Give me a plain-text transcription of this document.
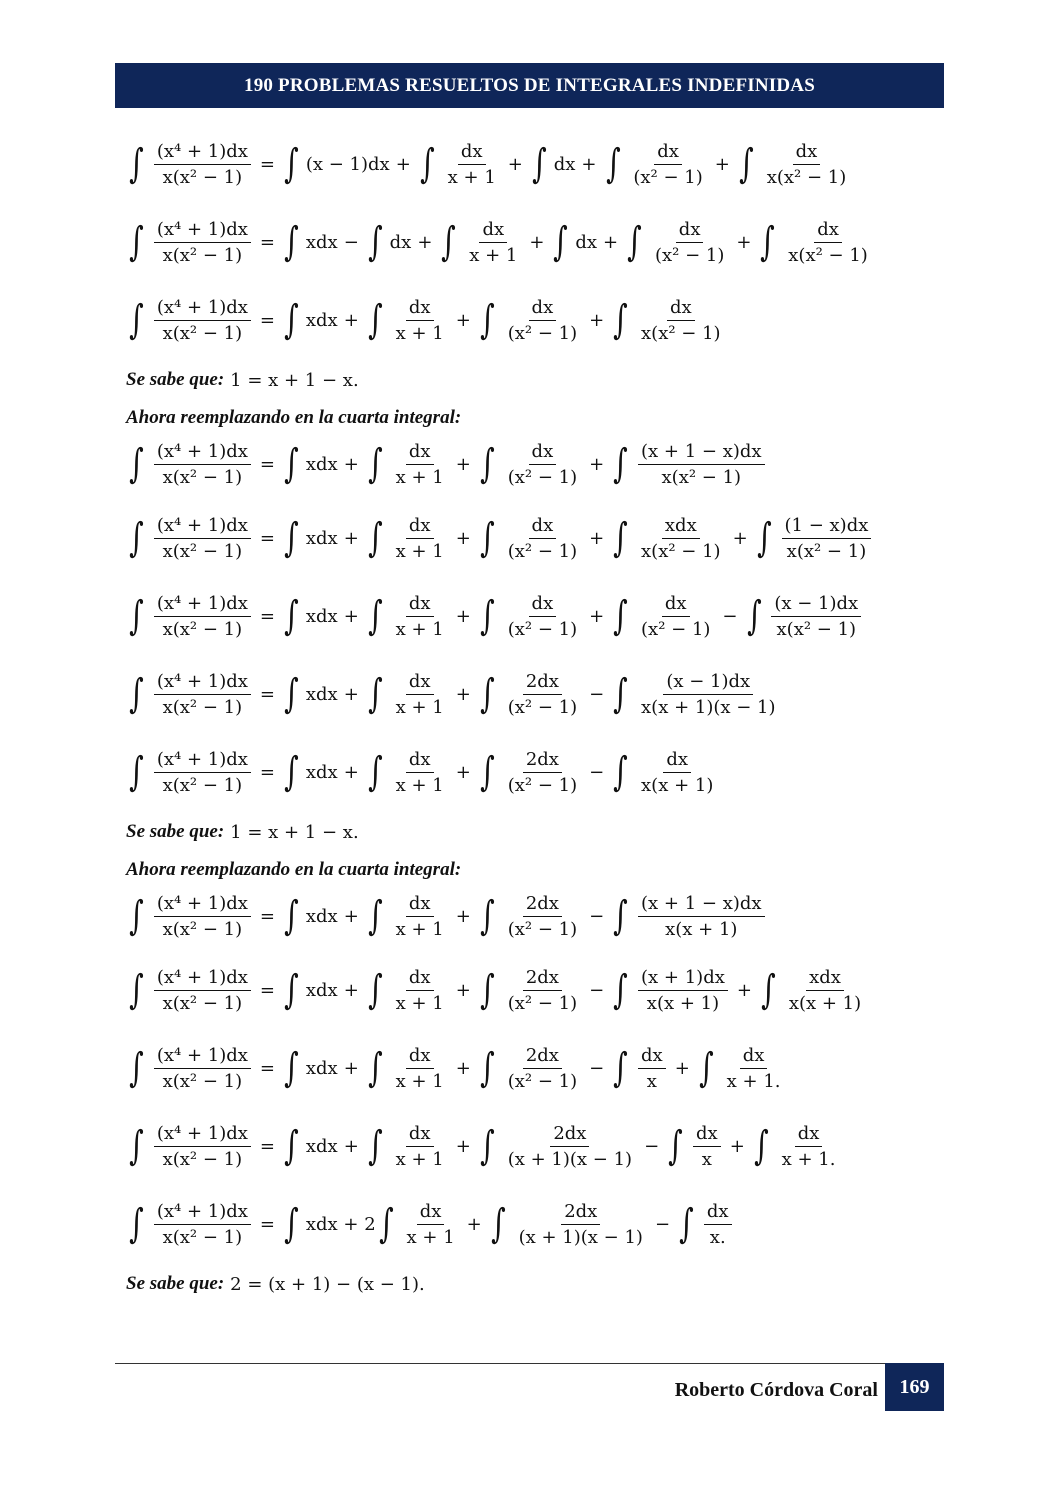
190 PROBLEMAS RESUELTOS DE INTEGRALES INDEFINIDAS
∫ $\frac{\text{(x⁴ + 1)dx}}{\text{x(x² − 1)}}$ = ∫ (x − 1)dx + ∫ $\frac{dx}{x + 1}$ + ∫ dx + ∫ $\frac{dx}{\text{(x² − 1)}}$ + ∫ $\frac{dx}{\text{x(x² − 1)}}$
∫ $\frac{\text{(x⁴ + 1)dx}}{\text{x(x² − 1)}}$ = ∫ xdx − ∫ dx + ∫ $\frac{dx}{x + 1}$ + ∫ dx + ∫ $\frac{dx}{\text{(x² − 1)}}$ + ∫ $\frac{dx}{\text{x(x² − 1)}}$
∫ $\frac{\text{(x⁴ + 1)dx}}{\text{x(x² − 1)}}$ = ∫ xdx + ∫ $\frac{dx}{x + 1}$ + ∫ $\frac{dx}{\text{(x² − 1)}}$ + ∫ $\frac{dx}{\text{x(x² − 1)}}$
Se sabe que: 1 = x + 1 − x.
Ahora reemplazando en la cuarta integral:
∫ $\frac{\text{(x⁴ + 1)dx}}{\text{x(x² − 1)}}$ = ∫ xdx + ∫ $\frac{dx}{x + 1}$ + ∫ $\frac{dx}{\text{(x² − 1)}}$ + ∫ $\frac{(x + 1 - x)dx}{\text{x(x² − 1)}}$
∫ $\frac{\text{(x⁴ + 1)dx}}{\text{x(x² − 1)}}$ = ∫ xdx + ∫ $\frac{dx}{x + 1}$ + ∫ $\frac{dx}{\text{(x² − 1)}}$ + ∫ $\frac{\text{xdx}}{\text{x(x² − 1)}}$ + ∫ $\frac{(1 - x)dx}{\text{x(x² − 1)}}$
∫ $\frac{\text{(x⁴ + 1)dx}}{\text{x(x² − 1)}}$ = ∫ xdx + ∫ $\frac{dx}{x + 1}$ + ∫ $\frac{dx}{\text{(x² − 1)}}$ + ∫ $\frac{dx}{\text{(x² − 1)}}$ − ∫ $\frac{(x - 1)dx}{\text{x(x² − 1)}}$
∫ $\frac{\text{(x⁴ + 1)dx}}{\text{x(x² − 1)}}$ = ∫ xdx + ∫ $\frac{dx}{x + 1}$ + ∫ $\frac{2dx}{\text{(x² − 1)}}$ − ∫ $\frac{(x - 1)dx}{x(x + 1)(x - 1)}$
∫ $\frac{\text{(x⁴ + 1)dx}}{\text{x(x² − 1)}}$ = ∫ xdx + ∫ $\frac{dx}{x + 1}$ + ∫ $\frac{2dx}{\text{(x² − 1)}}$ − ∫ $\frac{dx}{x(x + 1)}$
Se sabe que: 1 = x + 1 − x.
Ahora reemplazando en la cuarta integral:
∫ $\frac{\text{(x⁴ + 1)dx}}{\text{x(x² − 1)}}$ = ∫ xdx + ∫ $\frac{dx}{x + 1}$ + ∫ $\frac{2dx}{\text{(x² − 1)}}$ − ∫ $\frac{(x + 1 - x)dx}{x(x + 1)}$
∫ $\frac{\text{(x⁴ + 1)dx}}{\text{x(x² − 1)}}$ = ∫ xdx + ∫ $\frac{dx}{x + 1}$ + ∫ $\frac{2dx}{\text{(x² − 1)}}$ − ∫ $\frac{(x + 1)dx}{x(x + 1)}$ + ∫ $\frac{\text{xdx}}{x(x + 1)}$
∫ $\frac{\text{(x⁴ + 1)dx}}{\text{x(x² − 1)}}$ = ∫ xdx + ∫ $\frac{dx}{x + 1}$ + ∫ $\frac{2dx}{\text{(x² − 1)}}$ − ∫ $\frac{dx}{x}$ + ∫ $\frac{dx}{x + 1.}$
∫ $\frac{\text{(x⁴ + 1)dx}}{\text{x(x² − 1)}}$ = ∫ xdx + ∫ $\frac{dx}{x + 1}$ + ∫ $\frac{2dx}{(x + 1)(x - 1)}$ − ∫ $\frac{dx}{x}$ + ∫ $\frac{dx}{x + 1.}$
∫ $\frac{\text{(x⁴ + 1)dx}}{\text{x(x² − 1)}}$ = ∫ xdx + 2 ∫ $\frac{dx}{x + 1}$ + ∫ $\frac{2dx}{(x + 1)(x - 1)}$ − ∫ $\frac{dx}{x.}$
Se sabe que: 2 = (x + 1) − (x − 1).
Roberto Córdova Coral	169
